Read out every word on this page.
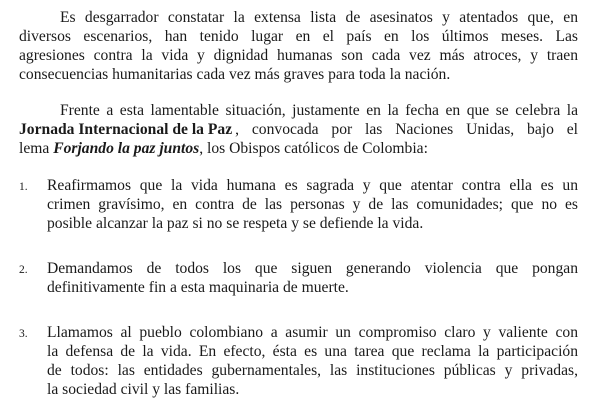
Es desgarrador constatar la extensa lista de asesinatos y atentados que, en
diversos escenarios, han tenido lugar en el país en los últimos meses. Las
agresiones contra la vida y dignidad humanas son cada vez más atroces, y traen
consecuencias humanitarias cada vez más graves para toda la nación.
Frente a esta lamentable situación, justamente en la fecha en que se celebra la
Jornada Internacional de la Paz , convocada por las Naciones Unidas, bajo el
lema Forjando la paz juntos, los Obispos católicos de Colombia:
1. Reafirmamos que la vida humana es sagrada y que atentar contra ella es un
crimen gravísimo, en contra de las personas y de las comunidades; que no es
posible alcanzar la paz si no se respeta y se defiende la vida.
2. Demandamos de todos los que siguen generando violencia que pongan
definitivamente fin a esta maquinaria de muerte.
3. Llamamos al pueblo colombiano a asumir un compromiso claro y valiente con
la defensa de la vida. En efecto, ésta es una tarea que reclama la participación
de todos: las entidades gubernamentales, las instituciones públicas y privadas,
la sociedad civil y las familias.
